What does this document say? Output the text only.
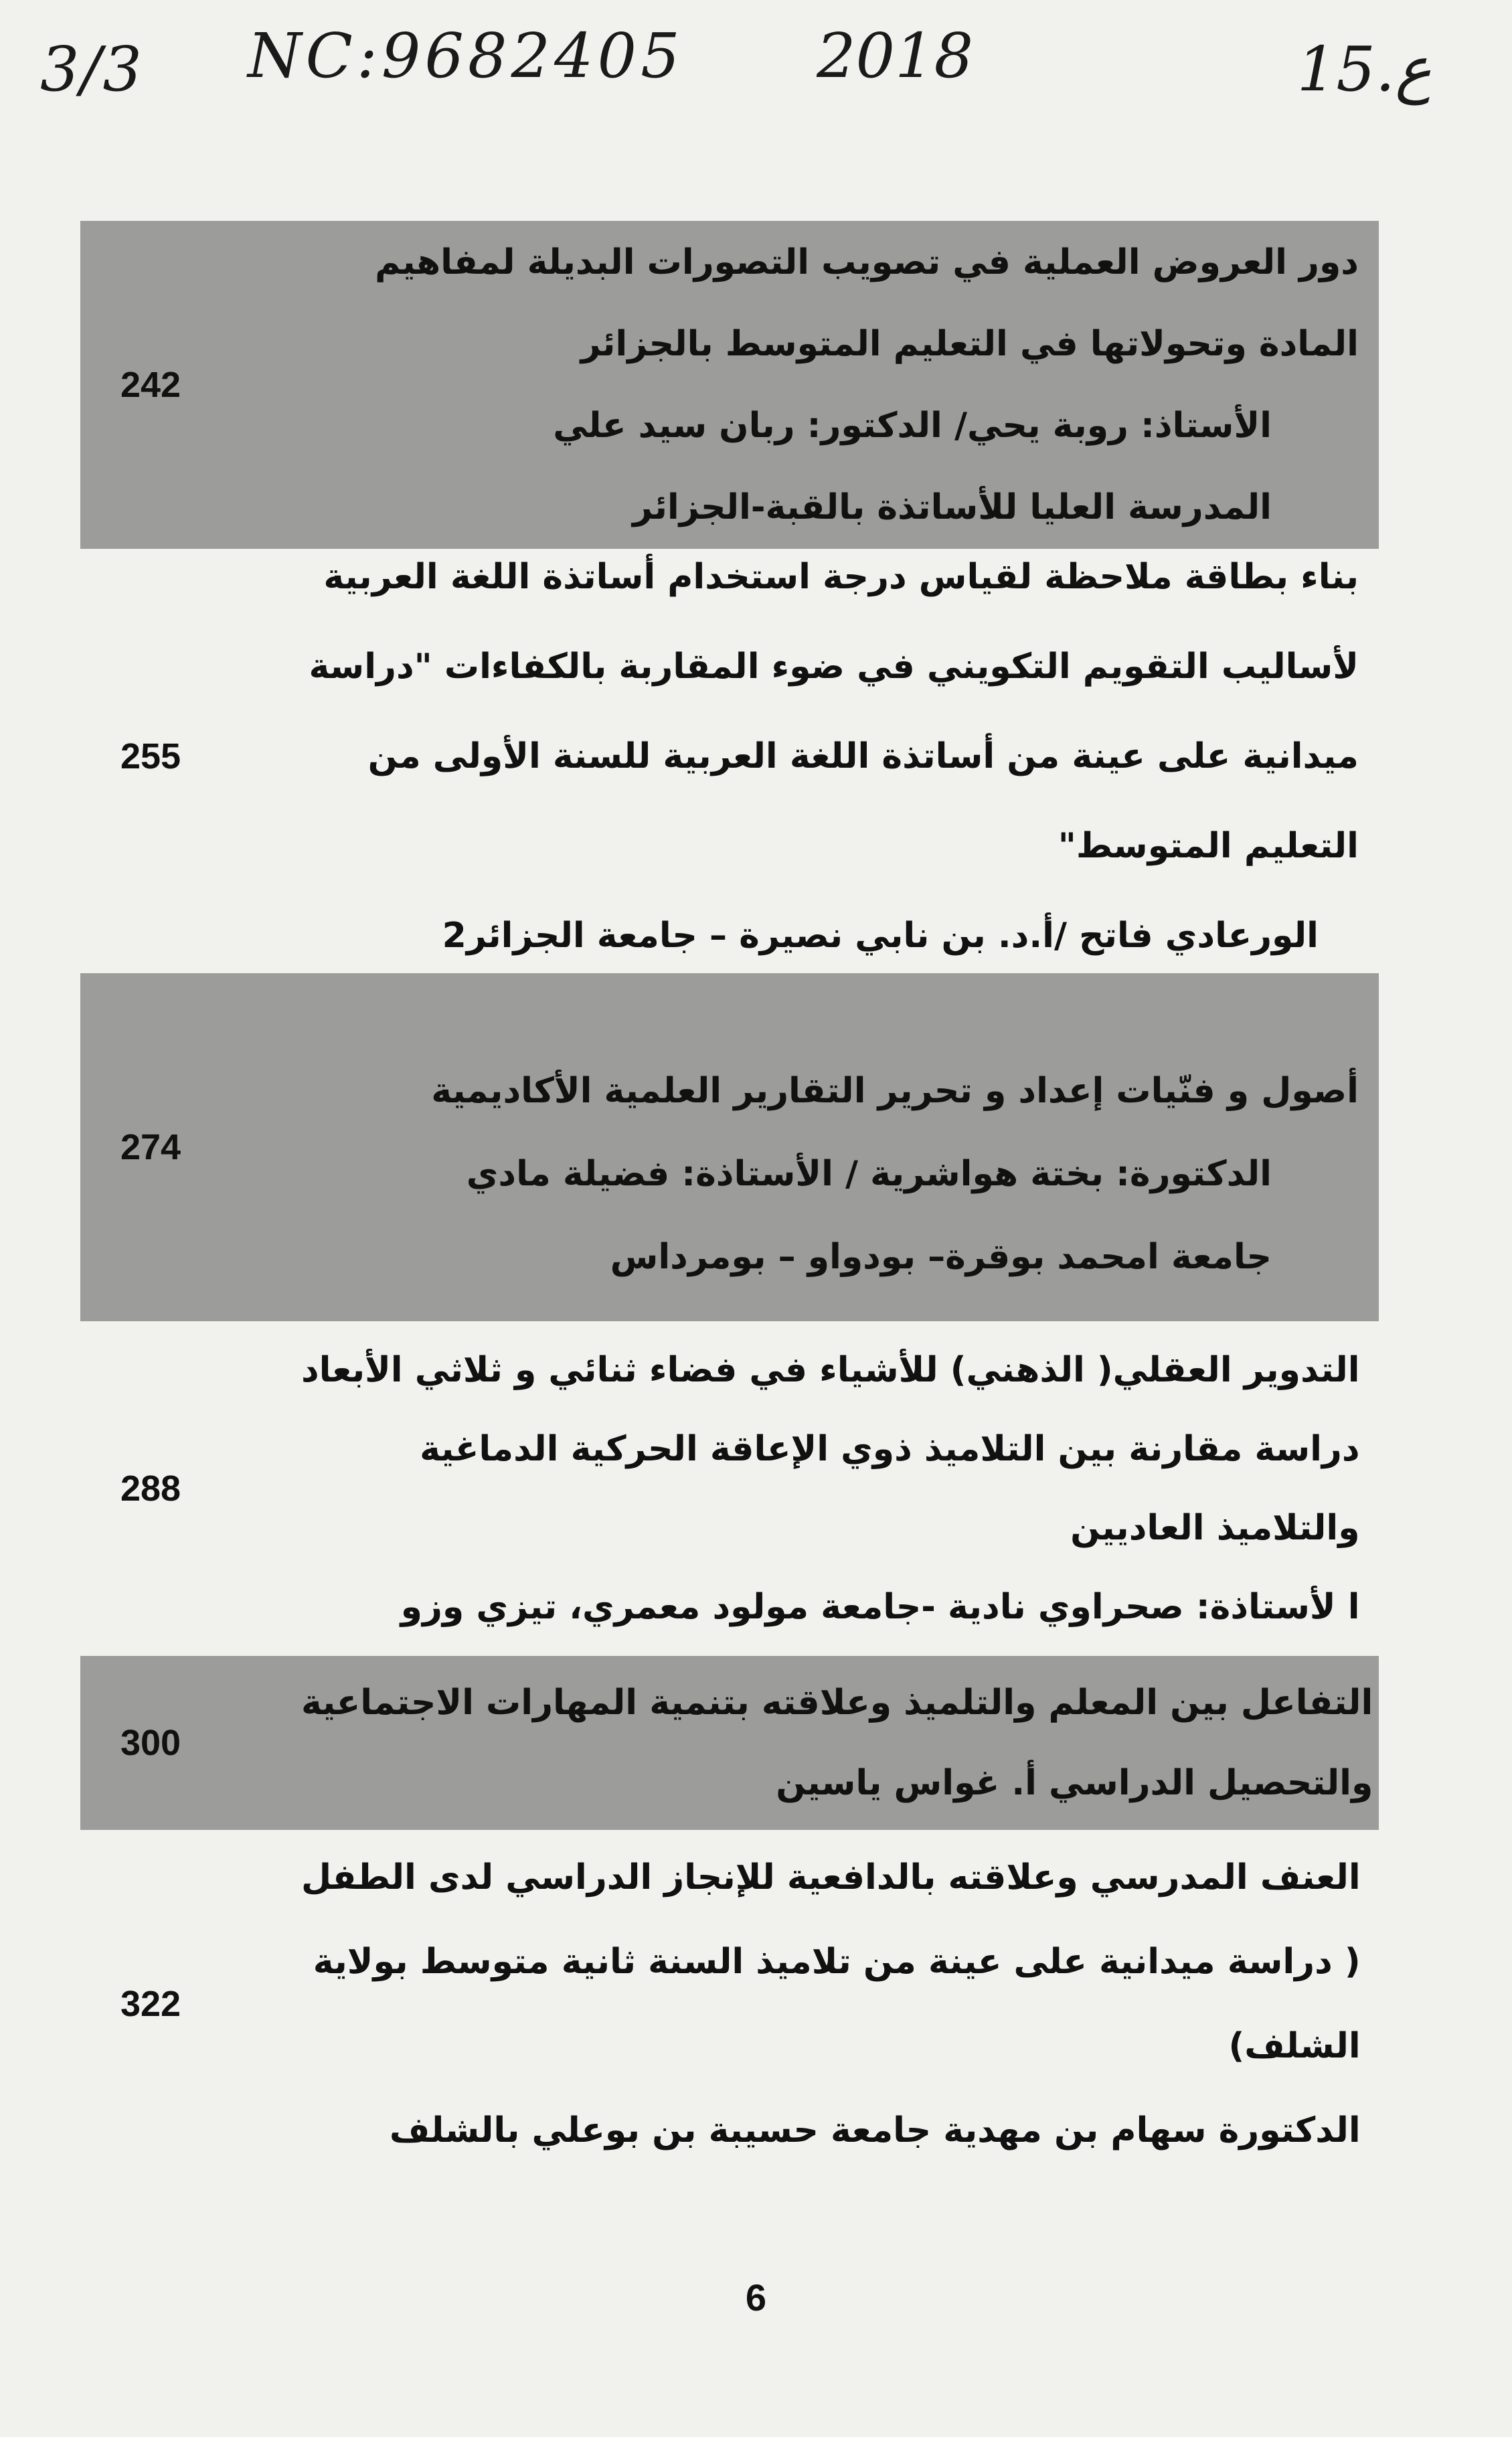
3/3 NC:9682405 2018	ع.15
242
دور العروض العملية في تصويب التصورات البديلة لمفاهيم
المادة وتحولاتها في التعليم المتوسط بالجزائر
الأستاذ: روبة يحي/ الدكتور: ربان سيد علي
المدرسة العليا للأساتذة بالقبة-الجزائر
255
بناء بطاقة ملاحظة لقياس درجة استخدام أساتذة اللغة العربية
لأساليب التقويم التكويني في ضوء المقاربة بالكفاءات "دراسة
ميدانية على عينة من أساتذة اللغة العربية للسنة الأولى من
التعليم المتوسط"
الورعادي فاتح /أ.د. بن نابي نصيرة – جامعة الجزائر2
274
أصول و فنّيات إعداد و تحرير التقارير العلمية الأكاديمية
الدكتورة: بختة هواشرية / الأستاذة: فضيلة مادي
جامعة امحمد بوقرة– بودواو – بومرداس
288
التدوير العقلي( الذهني) للأشياء في فضاء ثنائي و ثلاثي الأبعاد
دراسة مقارنة بين التلاميذ ذوي الإعاقة الحركية الدماغية
والتلاميذ العاديين
ا لأستاذة: صحراوي نادية -جامعة مولود معمري، تيزي وزو
300
التفاعل بين المعلم والتلميذ وعلاقته بتنمية المهارات الاجتماعية
والتحصيل الدراسي أ. غواس ياسين
322
العنف المدرسي وعلاقته بالدافعية للإنجاز الدراسي لدى الطفل
( دراسة ميدانية على عينة من تلاميذ السنة ثانية متوسط بولاية
الشلف)
الدكتورة سهام بن مهدية جامعة حسيبة بن بوعلي بالشلف
6
